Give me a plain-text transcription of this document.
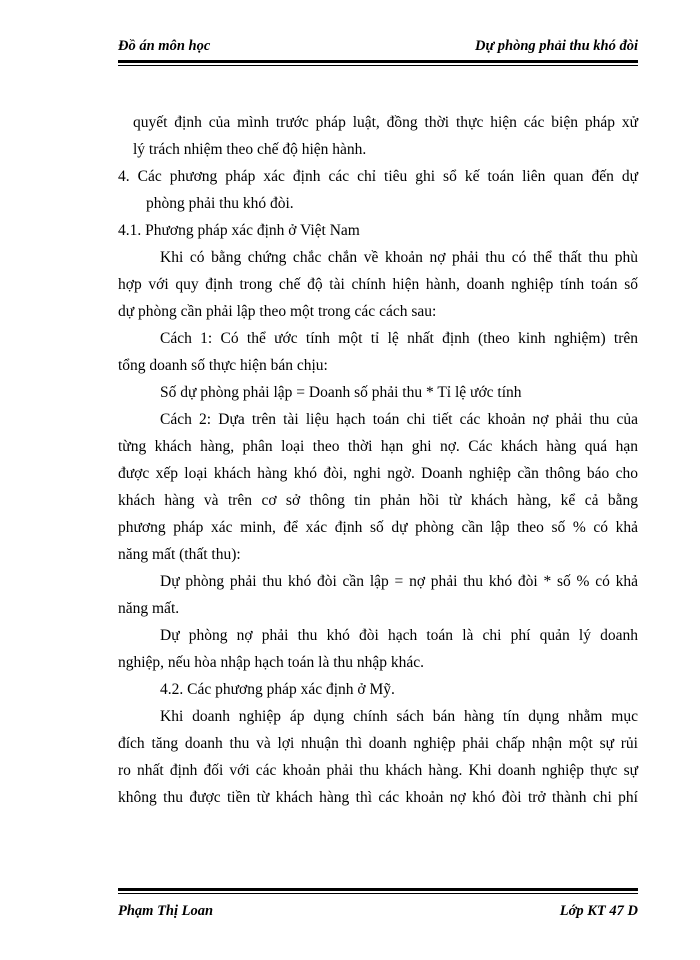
Đồ án môn học	Dự phòng phải thu khó đòi
quyết định của mình trước pháp luật, đồng thời thực hiện các biện pháp xử
lý trách nhiệm theo chế độ hiện hành.
4. Các phương pháp xác định các chỉ tiêu ghi sổ kế toán liên quan đến dự
phòng phải thu khó đòi.
4.1. Phương pháp xác định ở Việt Nam
Khi có bằng chứng chắc chắn về khoản nợ phải thu có thể thất thu phù
hợp với quy định trong chế độ tài chính hiện hành, doanh nghiệp tính toán số
dự phòng cần phải lập theo một trong các cách sau:
Cách 1: Có thể ước tính một tỉ lệ nhất định (theo kinh nghiệm) trên
tổng doanh số thực hiện bán chịu:
Số dự phòng phải lập = Doanh số phải thu * Tỉ lệ ước tính
Cách 2: Dựa trên tài liệu hạch toán chi tiết các khoản nợ phải thu của
từng khách hàng, phân loại theo thời hạn ghi nợ. Các khách hàng quá hạn
được xếp loại khách hàng khó đòi, nghi ngờ. Doanh nghiệp cần thông báo cho
khách hàng và trên cơ sở thông tin phản hồi từ khách hàng, kể cả bằng
phương pháp xác minh, để xác định số dự phòng cần lập theo số % có khả
năng mất (thất thu):
Dự phòng phải thu khó đòi cần lập = nợ phải thu khó đòi * số % có khả
năng mất.
Dự phòng nợ phải thu khó đòi hạch toán là chi phí quản lý doanh
nghiệp, nếu hòa nhập hạch toán là thu nhập khác.
4.2. Các phương pháp xác định ở Mỹ.
Khi doanh nghiệp áp dụng chính sách bán hàng tín dụng nhằm mục
đích tăng doanh thu và lợi nhuận thì doanh nghiệp phải chấp nhận một sự rủi
ro nhất định đối với các khoản phải thu khách hàng. Khi doanh nghiệp thực sự
không thu được tiền từ khách hàng thì các khoản nợ khó đòi trở thành chi phí
Phạm Thị Loan	Lớp KT 47 D
